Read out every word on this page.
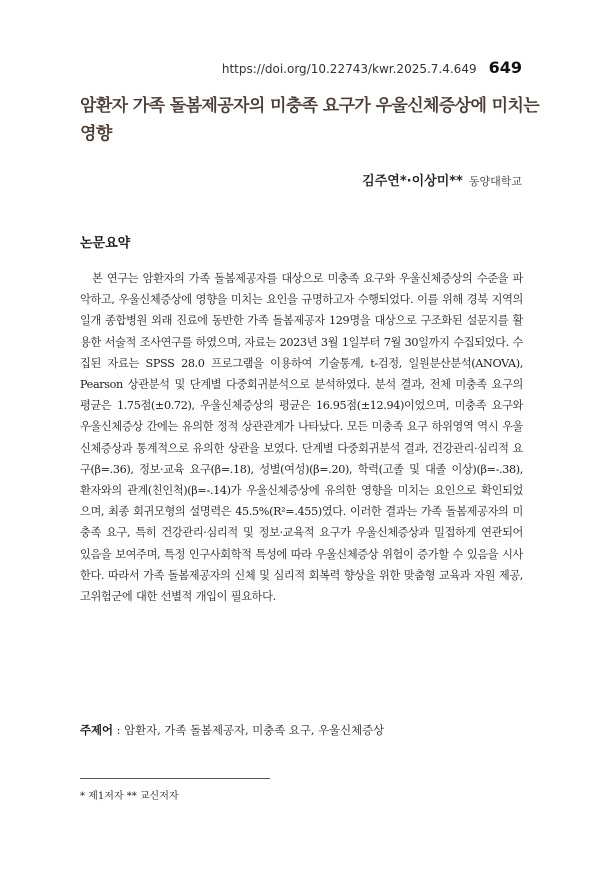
https://doi.org/10.22743/kwr.2025.7.4.649 649
암환자 가족 돌봄제공자의 미충족 요구가 우울신체증상에 미치는 영향
김주연*·이상미** 동양대학교
논문요약

본 연구는 암환자의 가족 돌봄제공자를 대상으로 미충족 요구와 우울신체증상의 수준을 파악하고, 우울신체증상에 영향을 미치는 요인을 규명하고자 수행되었다. 이를 위해 경북 지역의 일개 종합병원 외래 진료에 동반한 가족 돌봄제공자 129명을 대상으로 구조화된 설문지를 활용한 서술적 조사연구를 하였으며, 자료는 2023년 3월 1일부터 7월 30일까지 수집되었다. 수집된 자료는 SPSS 28.0 프로그램을 이용하여 기술통계, t-검정, 일원분산분석(ANOVA), Pearson 상관분석 및 단계별 다중회귀분석으로 분석하였다. 분석 결과, 전체 미충족 요구의 평균은 1.75점(±0.72), 우울신체증상의 평균은 16.95점(±12.94)이었으며, 미충족 요구와 우울신체증상 간에는 유의한 정적 상관관계가 나타났다. 모든 미충족 요구 하위영역 역시 우울신체증상과 통계적으로 유의한 상관을 보였다. 단계별 다중회귀분석 결과, 건강관리·심리적 요구(β=.36), 정보·교육 요구(β=.18), 성별(여성)(β=.20), 학력(고졸 및 대졸 이상)(β=-.38), 환자와의 관계(친인척)(β=-.14)가 우울신체증상에 유의한 영향을 미치는 요인으로 확인되었으며, 최종 회귀모형의 설명력은 45.5%(R²=.455)였다. 이러한 결과는 가족 돌봄제공자의 미충족 요구, 특히 건강관리·심리적 및 정보·교육적 요구가 우울신체증상과 밀접하게 연관되어 있음을 보여주며, 특정 인구사회학적 특성에 따라 우울신체증상 위험이 증가할 수 있음을 시사한다. 따라서 가족 돌봄제공자의 신체 및 심리적 회복력 향상을 위한 맞춤형 교육과 자원 제공, 고위험군에 대한 선별적 개입이 필요하다.

주제어 : 암환자, 가족 돌봄제공자, 미충족 요구, 우울신체증상
* 제1저자 ** 교신저자
